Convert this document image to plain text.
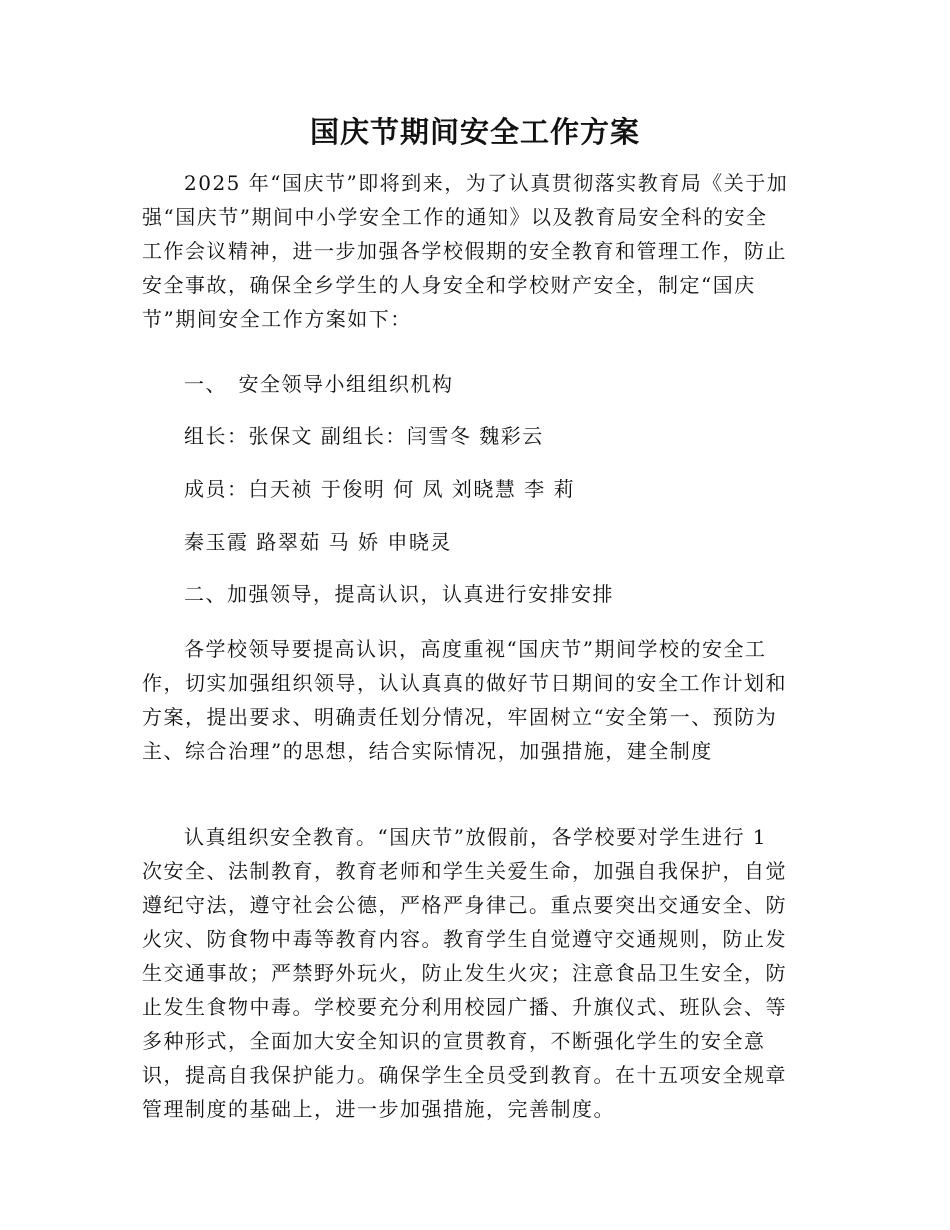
国庆节期间安全工作方案
2025 年“国庆节”即将到来，为了认真贯彻落实教育局《关于加
强“国庆节”期间中小学安全工作的通知》以及教育局安全科的安全
工作会议精神，进一步加强各学校假期的安全教育和管理工作，防止
安全事故，确保全乡学生的人身安全和学校财产安全，制定“国庆
节”期间安全工作方案如下：
一、　安全领导小组组织机构
组长：张保文 副组长：闫雪冬 魏彩云
成员：白天祯 于俊明 何 凤 刘晓慧 李 莉
秦玉霞 路翠茹 马 娇 申晓灵
二、加强领导，提高认识，认真进行安排安排
各学校领导要提高认识，高度重视“国庆节”期间学校的安全工
作，切实加强组织领导，认认真真的做好节日期间的安全工作计划和
方案，提出要求、明确责任划分情况，牢固树立“安全第一、预防为
主、综合治理”的思想，结合实际情况，加强措施，建全制度
认真组织安全教育。“国庆节”放假前，各学校要对学生进行 1
次安全、法制教育，教育老师和学生关爱生命，加强自我保护，自觉
遵纪守法，遵守社会公德，严格严身律己。重点要突出交通安全、防
火灾、防食物中毒等教育内容。教育学生自觉遵守交通规则，防止发
生交通事故；严禁野外玩火，防止发生火灾；注意食品卫生安全，防
止发生食物中毒。学校要充分利用校园广播、升旗仪式、班队会、等
多种形式，全面加大安全知识的宣贯教育，不断强化学生的安全意
识，提高自我保护能力。确保学生全员受到教育。在十五项安全规章
管理制度的基础上，进一步加强措施，完善制度。
